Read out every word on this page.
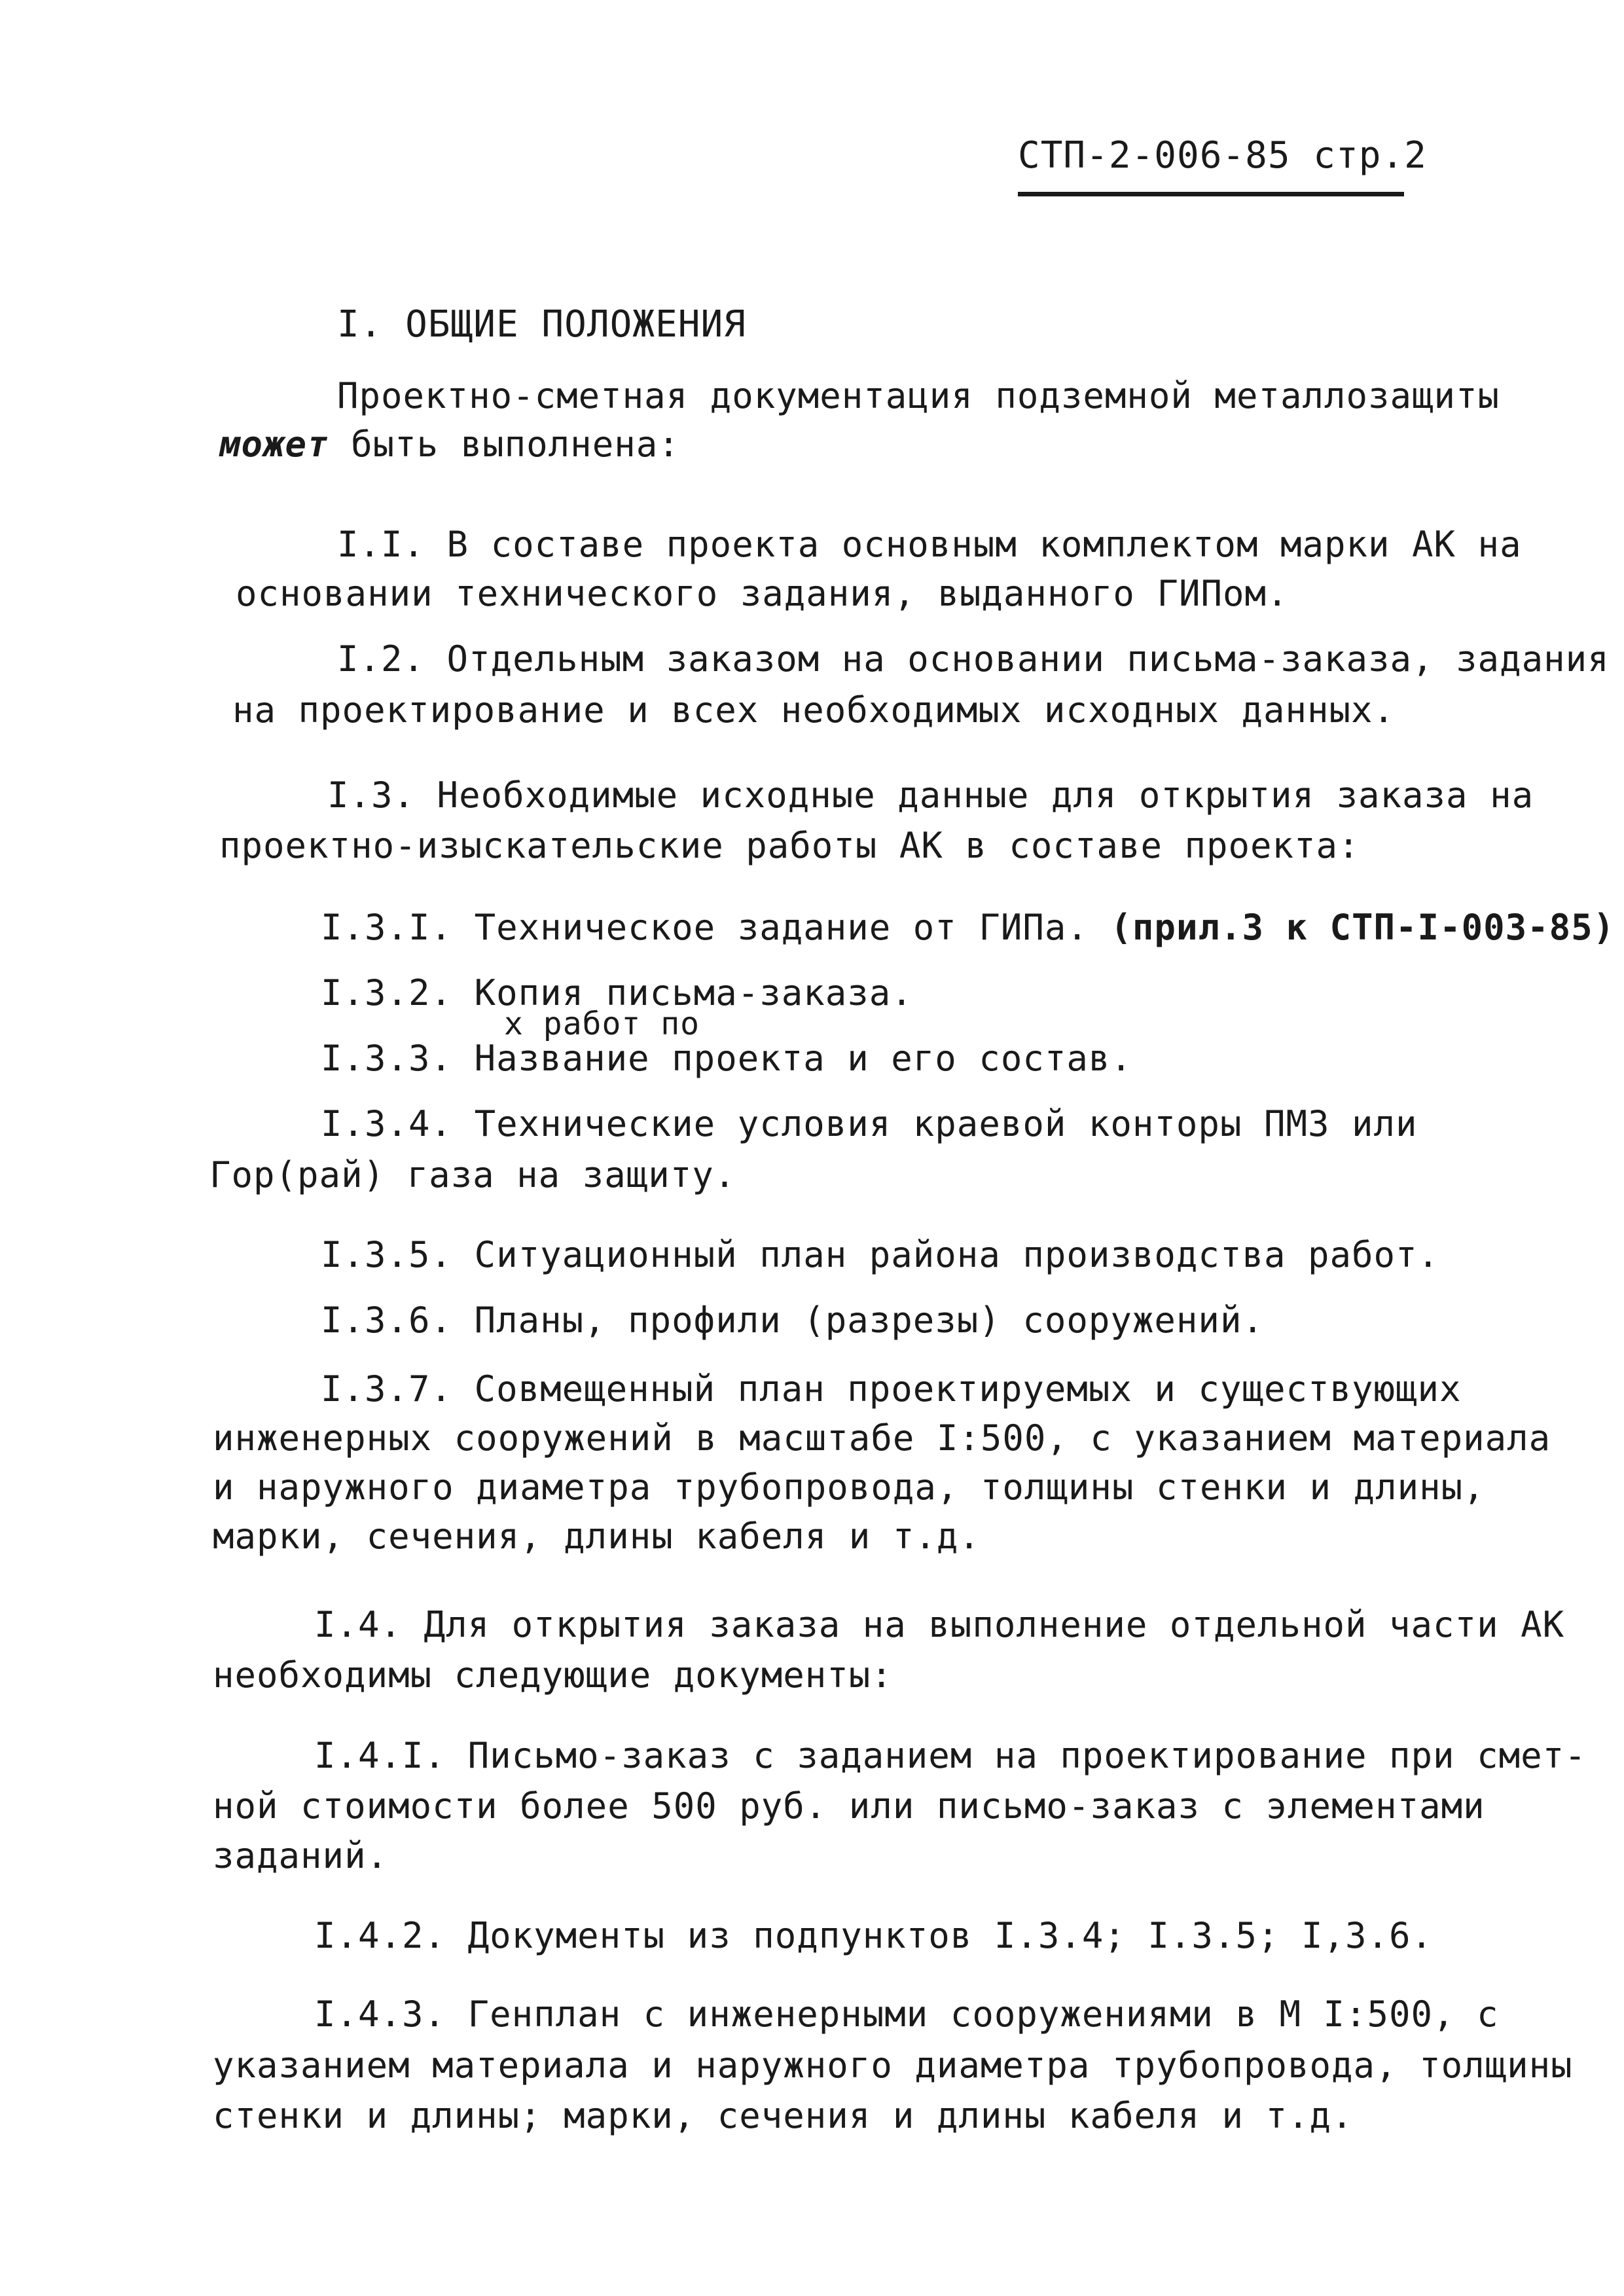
СТП-2-006-85 стр.2
I. ОБЩИЕ ПОЛОЖЕНИЯ
Проектно-сметная документация подземной металлозащиты
может быть выполнена:
I.I. В составе проекта основным комплектом марки АК на
основании технического задания, выданного ГИПом.
I.2. Отдельным заказом на основании письма-заказа, задания
на проектирование и всех необходимых исходных данных.
I.3. Необходимые исходные данные для открытия заказа на
проектно-изыскательские работы АК в составе проекта:
I.3.I. Техническое задание от ГИПа. (прил.3 к СТП-I-003-85)
I.3.2. Копия письма-заказа.
х работ по
I.3.3. Название проекта и его состав.
I.3.4. Технические условия краевой конторы ПМЗ или
Гор(рай) газа на защиту.
I.3.5. Ситуационный план района производства работ.
I.3.6. Планы, профили (разрезы) сооружений.
I.3.7. Совмещенный план проектируемых и существующих
инженерных сооружений в масштабе I:500, с указанием материала
и наружного диаметра трубопровода, толщины стенки и длины,
марки, сечения, длины кабеля и т.д.
I.4. Для открытия заказа на выполнение отдельной части АК
необходимы следующие документы:
I.4.I. Письмо-заказ с заданием на проектирование при смет-
ной стоимости более 500 руб. или письмо-заказ с элементами
заданий.
I.4.2. Документы из подпунктов I.3.4; I.3.5; I,3.6.
I.4.3. Генплан с инженерными сооружениями в М I:500, с
указанием материала и наружного диаметра трубопровода, толщины
стенки и длины; марки, сечения и длины кабеля и т.д.
